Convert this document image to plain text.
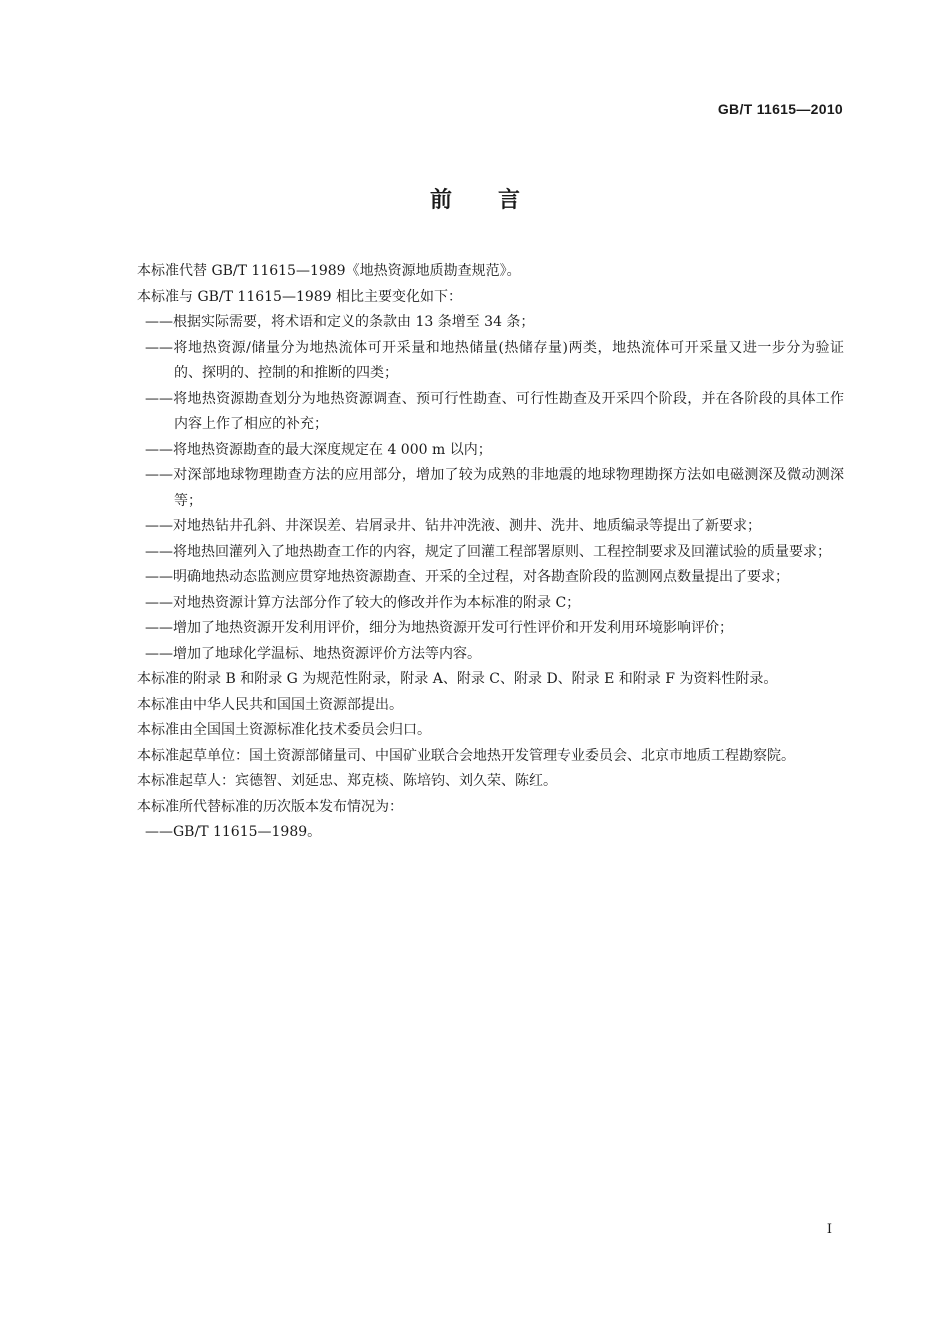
GB/T 11615—2010
前言

本标准代替 GB/T 11615—1989《地热资源地质勘查规范》。

本标准与 GB/T 11615—1989 相比主要变化如下：

——根据实际需要，将术语和定义的条款由 13 条增至 34 条；

——将地热资源/储量分为地热流体可开采量和地热储量(热储存量)两类，地热流体可开采量又进一步分为验证的、探明的、控制的和推断的四类；

——将地热资源勘查划分为地热资源调查、预可行性勘查、可行性勘查及开采四个阶段，并在各阶段的具体工作内容上作了相应的补充；

——将地热资源勘查的最大深度规定在 4 000 m 以内；

——对深部地球物理勘查方法的应用部分，增加了较为成熟的非地震的地球物理勘探方法如电磁测深及微动测深等；

——对地热钻井孔斜、井深误差、岩屑录井、钻井冲洗液、测井、洗井、地质编录等提出了新要求；

——将地热回灌列入了地热勘查工作的内容，规定了回灌工程部署原则、工程控制要求及回灌试验的质量要求；

——明确地热动态监测应贯穿地热资源勘查、开采的全过程，对各勘查阶段的监测网点数量提出了要求；

——对地热资源计算方法部分作了较大的修改并作为本标准的附录 C；

——增加了地热资源开发利用评价，细分为地热资源开发可行性评价和开发利用环境影响评价；

——增加了地球化学温标、地热资源评价方法等内容。

本标准的附录 B 和附录 G 为规范性附录，附录 A、附录 C、附录 D、附录 E 和附录 F 为资料性附录。

本标准由中华人民共和国国土资源部提出。

本标准由全国国土资源标准化技术委员会归口。

本标准起草单位：国土资源部储量司、中国矿业联合会地热开发管理专业委员会、北京市地质工程勘察院。

本标准起草人：宾德智、刘延忠、郑克棪、陈培钧、刘久荣、陈红。

本标准所代替标准的历次版本发布情况为：

——GB/T 11615—1989。

I
